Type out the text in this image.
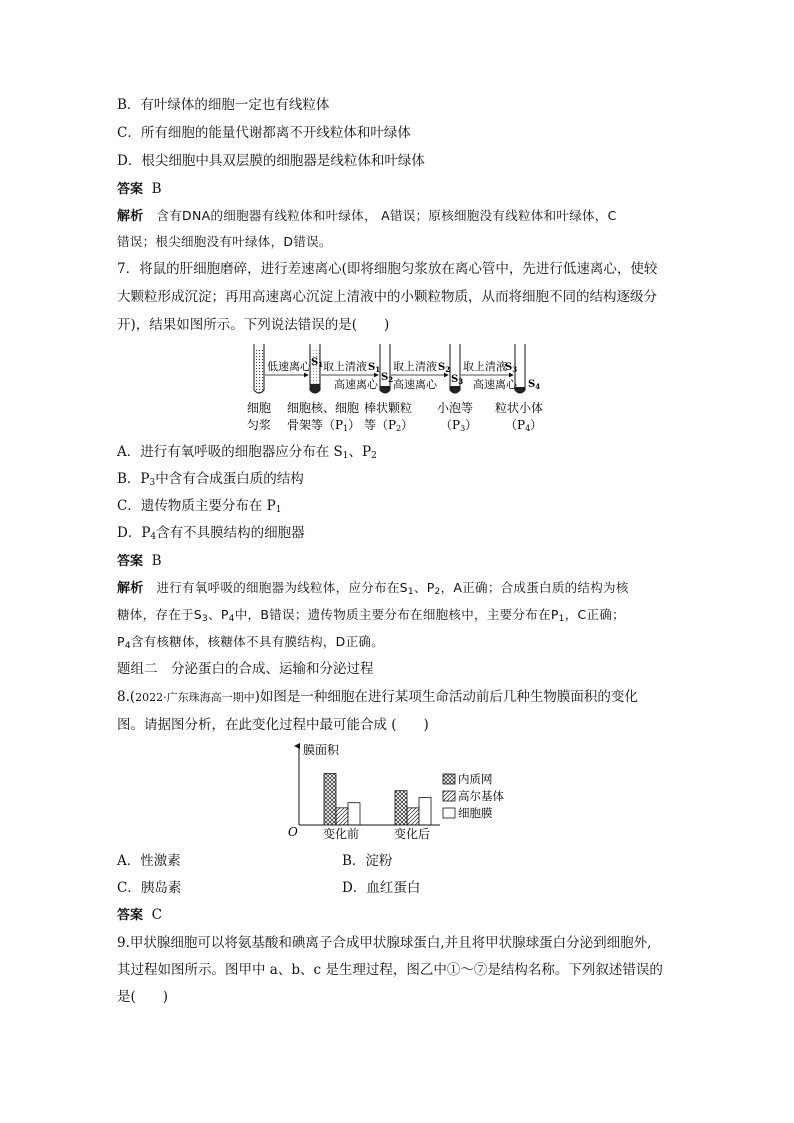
B．有叶绿体的细胞一定也有线粒体
C．所有细胞的能量代谢都离不开线粒体和叶绿体
D．根尖细胞中具双层膜的细胞器是线粒体和叶绿体
答案 B
解析 含有DNA的细胞器有线粒体和叶绿体， A错误；原核细胞没有线粒体和叶绿体，C
错误；根尖细胞没有叶绿体，D错误。
7．将鼠的肝细胞磨碎，进行差速离心(即将细胞匀浆放在离心管中，先进行低速离心，使较
大颗粒形成沉淀；再用高速离心沉淀上清液中的小颗粒物质，从而将细胞不同的结构逐级分
开)，结果如图所示。下列说法错误的是(　　)
低速离心 取上清液
高速离心
取上清液
高速离心
取上清液
高速离心
$S_1$	$S_1$
$S_2$
$S_2$
$S_3$
$S_3$
$S_4$
细胞
匀浆
细胞核、细胞
骨架等（P1）
棒状颗粒
等（P2）
小泡等
（P3）
粒状小体
（P4）
A．进行有氧呼吸的细胞器应分布在 $S_1$、$P_2$
B．$P_3$中含有合成蛋白质的结构
C．遗传物质主要分布在 $P_1$
D．$P_4$含有不具膜结构的细胞器
答案 B
解析 进行有氧呼吸的细胞器为线粒体，应分布在$S_1$、$P_2$，A正确；合成蛋白质的结构为核
糖体，存在于$S_3$、$P_4$中，B错误；遗传物质主要分布在细胞核中，主要分布在$P_1$，C正确；
$P_4$含有核糖体，核糖体不具有膜结构，D正确。
题组二　分泌蛋白的合成、运输和分泌过程
8.(2022·广东珠海高一期中)如图是一种细胞在进行某项生命活动前后几种生物膜面积的变化
图。请据图分析，在此变化过程中最可能合成 (　　)
膜面积
O 变化前	变化后
内质网
高尔基体
细胞膜
A．性激素	B．淀粉
C．胰岛素	D．血红蛋白
答案 C
9.甲状腺细胞可以将氨基酸和碘离子合成甲状腺球蛋白,并且将甲状腺球蛋白分泌到细胞外,
其过程如图所示。图甲中 a、b、c 是生理过程，图乙中①～⑦是结构名称。下列叙述错误的
是(　　)
